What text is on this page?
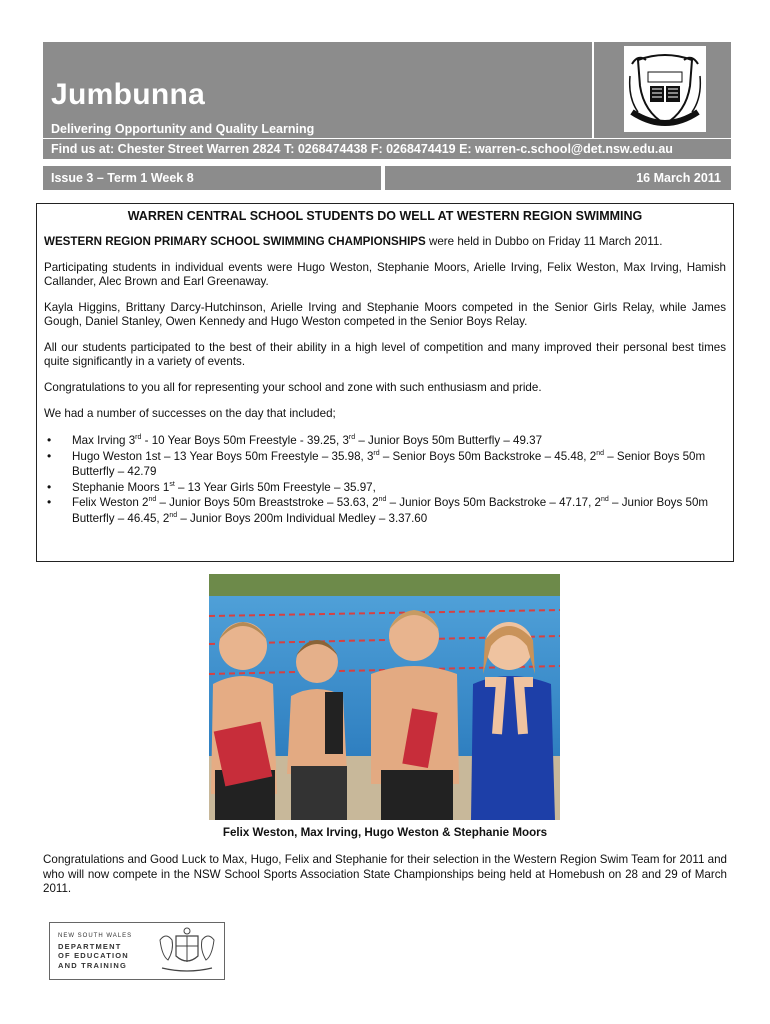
Jumbunna
Delivering Opportunity and Quality Learning
Find us at: Chester Street Warren 2824 T: 0268474438 F: 0268474419 E: warren-c.school@det.nsw.edu.au
Issue 3 – Term 1 Week 8	16 March 2011
WARREN CENTRAL SCHOOL STUDENTS DO WELL AT WESTERN REGION SWIMMING

WESTERN REGION PRIMARY SCHOOL SWIMMING CHAMPIONSHIPS were held in Dubbo on Friday 11 March 2011.

Participating students in individual events were Hugo Weston, Stephanie Moors, Arielle Irving, Felix Weston, Max Irving, Hamish Callander, Alec Brown and Earl Greenaway.

Kayla Higgins, Brittany Darcy-Hutchinson, Arielle Irving and Stephanie Moors competed in the Senior Girls Relay, while James Gough, Daniel Stanley, Owen Kennedy and Hugo Weston competed in the Senior Boys Relay.

All our students participated to the best of their ability in a high level of competition and many improved their personal best times quite significantly in a variety of events.

Congratulations to you all for representing your school and zone with such enthusiasm and pride.

We had a number of successes on the day that included;

• Max Irving 3rd - 10 Year Boys 50m Freestyle - 39.25, 3rd – Junior Boys 50m Butterfly – 49.37
• Hugo Weston 1st – 13 Year Boys 50m Freestyle – 35.98, 3rd – Senior Boys 50m Backstroke – 45.48, 2nd – Senior Boys 50m Butterfly – 42.79
• Stephanie Moors 1st – 13 Year Girls 50m Freestyle – 35.97,
• Felix Weston 2nd – Junior Boys 50m Breaststroke – 53.63, 2nd – Junior Boys 50m Backstroke – 47.17, 2nd – Junior Boys 50m Butterfly – 46.45, 2nd – Junior Boys 200m Individual Medley – 3.37.60
Felix Weston, Max Irving, Hugo Weston & Stephanie Moors

Congratulations and Good Luck to Max, Hugo, Felix and Stephanie for their selection in the Western Region Swim Team for 2011 and who will now compete in the NSW School Sports Association State Championships being held at Homebush on 28 and 29 of March 2011.

NEW SOUTH WALES
DEPARTMENT
OF EDUCATION
AND TRAINING
